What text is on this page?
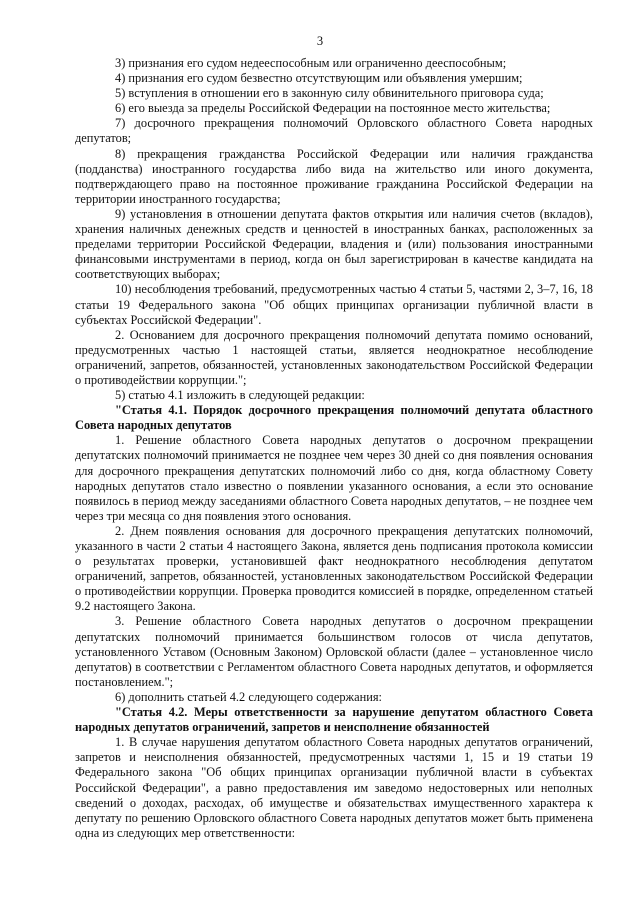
3

3) признания его судом недееспособным или ограниченно дееспособным;

4) признания его судом безвестно отсутствующим или объявления умершим;

5) вступления в отношении его в законную силу обвинительного приговора суда;

6) его выезда за пределы Российской Федерации на постоянное место жительства;

7) досрочного прекращения полномочий Орловского областного Совета народных депутатов;

8) прекращения гражданства Российской Федерации или наличия гражданства (подданства) иностранного государства либо вида на жительство или иного документа, подтверждающего право на постоянное проживание гражданина Российской Федерации на территории иностранного государства;

9) установления в отношении депутата фактов открытия или наличия счетов (вкладов), хранения наличных денежных средств и ценностей в иностранных банках, расположенных за пределами территории Российской Федерации, владения и (или) пользования иностранными финансовыми инструментами в период, когда он был зарегистрирован в качестве кандидата на соответствующих выборах;

10) несоблюдения требований, предусмотренных частью 4 статьи 5, частями 2, 3–7, 16, 18 статьи 19 Федерального закона "Об общих принципах организации публичной власти в субъектах Российской Федерации".

2. Основанием для досрочного прекращения полномочий депутата помимо оснований, предусмотренных частью 1 настоящей статьи, является неоднократное несоблюдение ограничений, запретов, обязанностей, установленных законодательством Российской Федерации о противодействии коррупции.";

5) статью 4.1 изложить в следующей редакции:

"Статья 4.1. Порядок досрочного прекращения полномочий депутата областного Совета народных депутатов

1. Решение областного Совета народных депутатов о досрочном прекращении депутатских полномочий принимается не позднее чем через 30 дней со дня появления основания для досрочного прекращения депутатских полномочий либо со дня, когда областному Совету народных депутатов стало известно о появлении указанного основания, а если это основание появилось в период между заседаниями областного Совета народных депутатов, – не позднее чем через три месяца со дня появления этого основания.

2. Днем появления основания для досрочного прекращения депутатских полномочий, указанного в части 2 статьи 4 настоящего Закона, является день подписания протокола комиссии о результатах проверки, установившей факт неоднократного несоблюдения депутатом ограничений, запретов, обязанностей, установленных законодательством Российской Федерации о противодействии коррупции. Проверка проводится комиссией в порядке, определенном статьей 9.2 настоящего Закона.

3. Решение областного Совета народных депутатов о досрочном прекращении депутатских полномочий принимается большинством голосов от числа депутатов, установленного Уставом (Основным Законом) Орловской области (далее – установленное число депутатов) в соответствии с Регламентом областного Совета народных депутатов, и оформляется постановлением.";

6) дополнить статьей 4.2 следующего содержания:

"Статья 4.2. Меры ответственности за нарушение депутатом областного Совета народных депутатов ограничений, запретов и неисполнение обязанностей

1. В случае нарушения депутатом областного Совета народных депутатов ограничений, запретов и неисполнения обязанностей, предусмотренных частями 1, 15 и 19 статьи 19 Федерального закона "Об общих принципах организации публичной власти в субъектах Российской Федерации", а равно предоставления им заведомо недостоверных или неполных сведений о доходах, расходах, об имуществе и обязательствах имущественного характера к депутату по решению Орловского областного Совета народных депутатов может быть применена одна из следующих мер ответственности:
